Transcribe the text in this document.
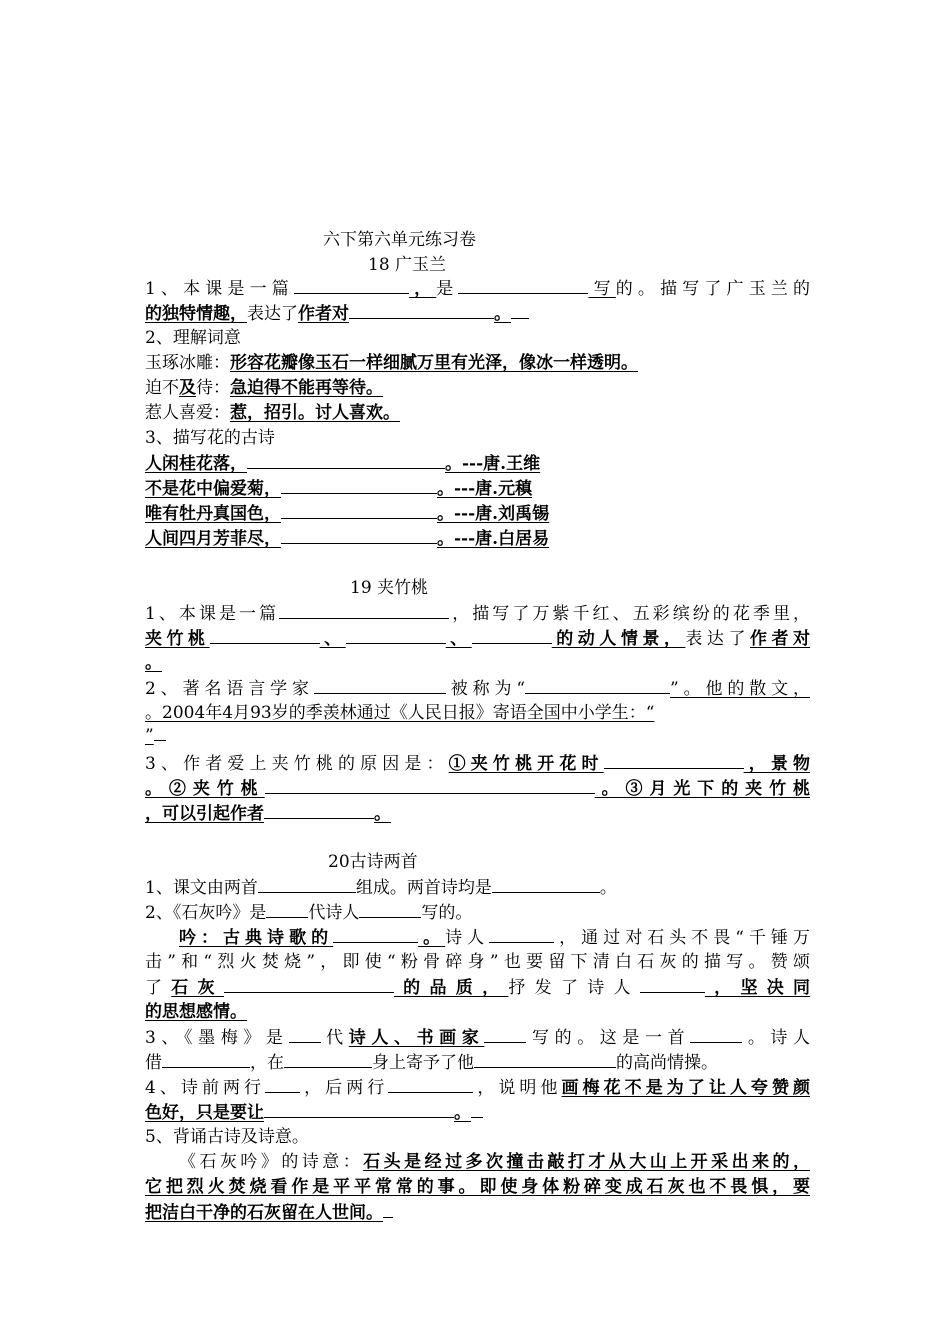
六下第六单元练习卷
18 广玉兰
1、本课是一篇	，是	写的。描写了广玉兰的
的独特情趣，表达了作者对	。
2、理解词意
玉琢冰雕：形容花瓣像玉石一样细腻万里有光泽，像冰一样透明。
迫不及待：急迫得不能再等待。
惹人喜爱：惹，招引。讨人喜欢。
3、描写花的古诗
人闲桂花落，	。---唐.王维
不是花中偏爱菊，	。---唐.元稹
唯有牡丹真国色，	。---唐.刘禹锡
人间四月芳菲尽，	。---唐.白居易
19 夹竹桃
1、本课是一篇	，描写了万紫千红、五彩缤纷的花季里，
夹竹桃	、	、	的动人情景，表达了作者对
。
2、著名语言学家	被称为“	”。他的散文，
。2004年4月93岁的季羡林通过《人民日报》寄语全国中小学生：“
”
3、作者爱上夹竹桃的原因是：①夹竹桃开花时	，景物
。②夹竹桃	。③月光下的夹竹桃
，可以引起作者	。
20古诗两首
1、课文由两首	组成。两首诗均是	。
2、《石灰吟》是 代诗人	写的。
吟：古典诗歌的	。诗人	，通过对石头不畏“千锤万
击”和“烈火焚烧”，即使“粉骨碎身”也要留下清白石灰的描写。赞颂
了石灰	的品质，抒发了诗人	，坚决同
的思想感情。
3、《墨梅》是 代诗人、书画家 写的。这是一首	。诗人
借	，在	身上寄予了他	的高尚情操。
4、诗前两行 ，后两行	，说明他画梅花不是为了让人夸赞颜
色好，只是要让	。
5、背诵古诗及诗意。
《石灰吟》的诗意：石头是经过多次撞击敲打才从大山上开采出来的，
它把烈火焚烧看作是平平常常的事。即使身体粉碎变成石灰也不畏惧，要
把洁白干净的石灰留在人世间。
